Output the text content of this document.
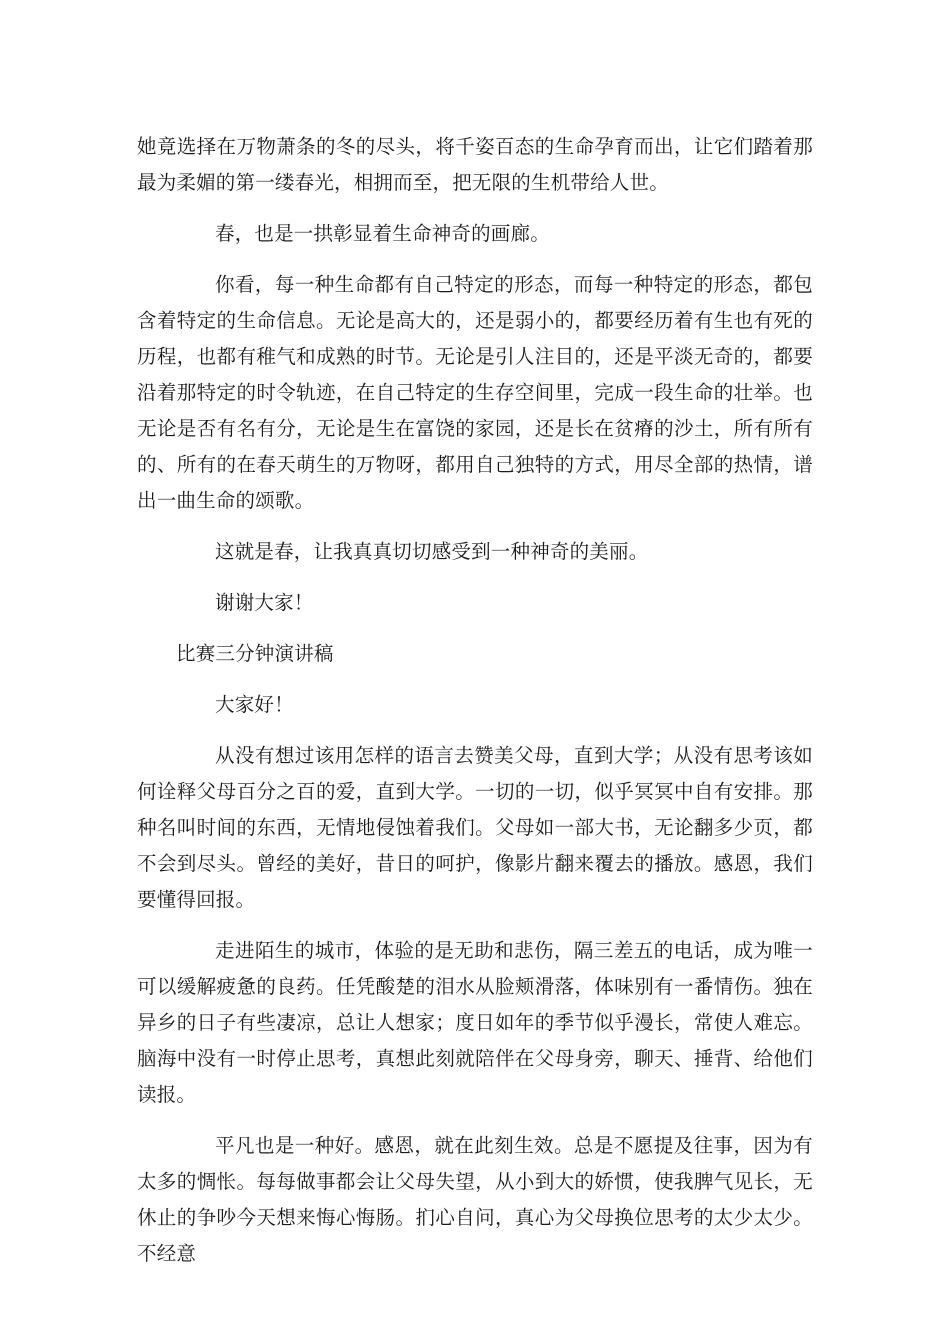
她竟选择在万物萧条的冬的尽头，将千姿百态的生命孕育而出，让它们踏着那最为柔媚的第一缕春光，相拥而至，把无限的生机带给人世。

春，也是一拱彰显着生命神奇的画廊。

你看，每一种生命都有自己特定的形态，而每一种特定的形态，都包含着特定的生命信息。无论是高大的，还是弱小的，都要经历着有生也有死的历程，也都有稚气和成熟的时节。无论是引人注目的，还是平淡无奇的，都要沿着那特定的时令轨迹，在自己特定的生存空间里，完成一段生命的壮举。也无论是否有名有分，无论是生在富饶的家园，还是长在贫瘠的沙土，所有所有的、所有的在春天萌生的万物呀，都用自己独特的方式，用尽全部的热情，谱出一曲生命的颂歌。

这就是春，让我真真切切感受到一种神奇的美丽。

谢谢大家！

比赛三分钟演讲稿

大家好！

从没有想过该用怎样的语言去赞美父母，直到大学；从没有思考该如何诠释父母百分之百的爱，直到大学。一切的一切，似乎冥冥中自有安排。那种名叫时间的东西，无情地侵蚀着我们。父母如一部大书，无论翻多少页，都不会到尽头。曾经的美好，昔日的呵护，像影片翻来覆去的播放。感恩，我们要懂得回报。

走进陌生的城市，体验的是无助和悲伤，隔三差五的电话，成为唯一可以缓解疲惫的良药。任凭酸楚的泪水从脸颊滑落，体味别有一番情伤。独在异乡的日子有些凄凉，总让人想家；度日如年的季节似乎漫长，常使人难忘。脑海中没有一时停止思考，真想此刻就陪伴在父母身旁，聊天、捶背、给他们读报。

平凡也是一种好。感恩，就在此刻生效。总是不愿提及往事，因为有太多的惆怅。每每做事都会让父母失望，从小到大的娇惯，使我脾气见长，无休止的争吵今天想来悔心悔肠。扪心自问，真心为父母换位思考的太少太少。不经意
